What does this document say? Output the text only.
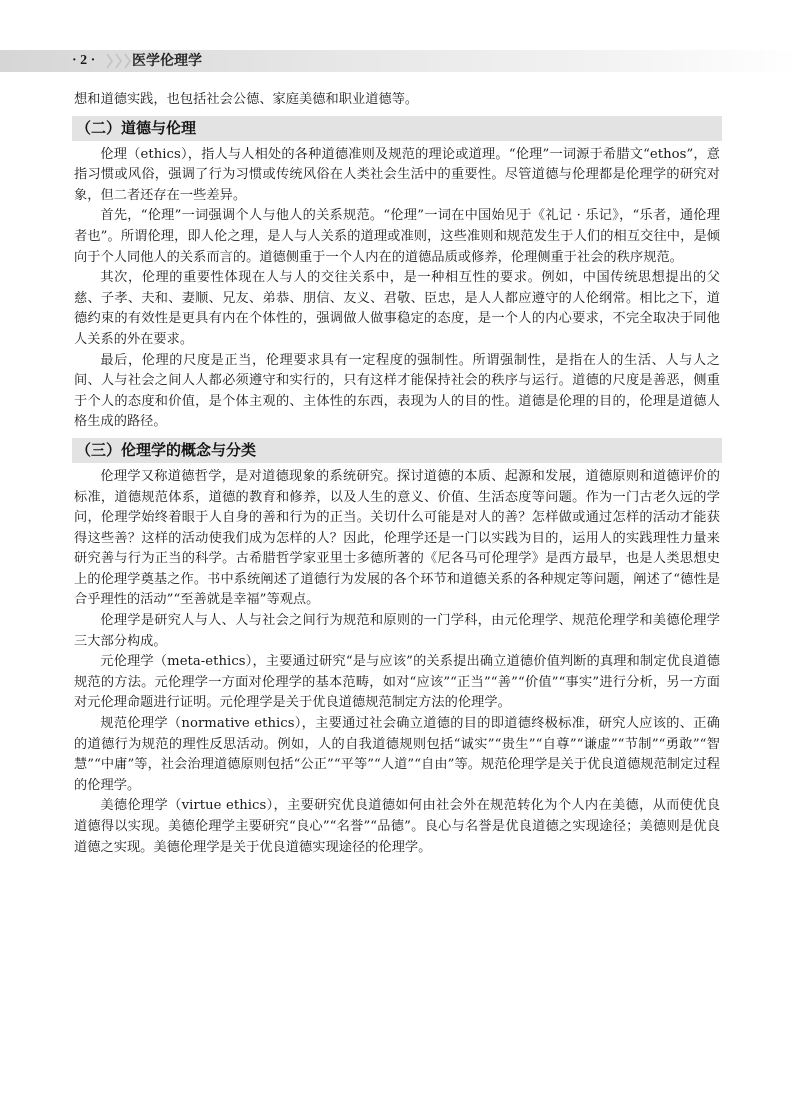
· 2 ·	医学伦理学

想和道德实践，也包括社会公德、家庭美德和职业道德等。

（二）道德与伦理

伦理（ethics），指人与人相处的各种道德准则及规范的理论或道理。“伦理”一词源于希腊文“ethos”，意指习惯或风俗，强调了行为习惯或传统风俗在人类社会生活中的重要性。尽管道德与伦理都是伦理学的研究对象，但二者还存在一些差异。

首先，“伦理”一词强调个人与他人的关系规范。“伦理”一词在中国始见于《礼记 · 乐记》，“乐者，通伦理者也”。所谓伦理，即人伦之理，是人与人关系的道理或准则，这些准则和规范发生于人们的相互交往中，是倾向于个人同他人的关系而言的。道德侧重于一个人内在的道德品质或修养，伦理侧重于社会的秩序规范。

其次，伦理的重要性体现在人与人的交往关系中，是一种相互性的要求。例如，中国传统思想提出的父慈、子孝、夫和、妻顺、兄友、弟恭、朋信、友义、君敬、臣忠，是人人都应遵守的人伦纲常。相比之下，道德约束的有效性是更具有内在个体性的，强调做人做事稳定的态度，是一个人的内心要求，不完全取决于同他人关系的外在要求。

最后，伦理的尺度是正当，伦理要求具有一定程度的强制性。所谓强制性，是指在人的生活、人与人之间、人与社会之间人人都必须遵守和实行的，只有这样才能保持社会的秩序与运行。道德的尺度是善恶，侧重于个人的态度和价值，是个体主观的、主体性的东西，表现为人的目的性。道德是伦理的目的，伦理是道德人格生成的路径。

（三）伦理学的概念与分类

伦理学又称道德哲学，是对道德现象的系统研究。探讨道德的本质、起源和发展，道德原则和道德评价的标准，道德规范体系，道德的教育和修养，以及人生的意义、价值、生活态度等问题。作为一门古老久远的学问，伦理学始终着眼于人自身的善和行为的正当。关切什么可能是对人的善？怎样做或通过怎样的活动才能获得这些善？这样的活动使我们成为怎样的人？因此，伦理学还是一门以实践为目的，运用人的实践理性力量来研究善与行为正当的科学。古希腊哲学家亚里士多德所著的《尼各马可伦理学》是西方最早，也是人类思想史上的伦理学奠基之作。书中系统阐述了道德行为发展的各个环节和道德关系的各种规定等问题，阐述了“德性是合乎理性的活动”“至善就是幸福”等观点。

伦理学是研究人与人、人与社会之间行为规范和原则的一门学科，由元伦理学、规范伦理学和美德伦理学三大部分构成。

元伦理学（meta-ethics），主要通过研究“是与应该”的关系提出确立道德价值判断的真理和制定优良道德规范的方法。元伦理学一方面对伦理学的基本范畴，如对“应该”“正当”“善”“价值”“事实”进行分析，另一方面对元伦理命题进行证明。元伦理学是关于优良道德规范制定方法的伦理学。

规范伦理学（normative ethics），主要通过社会确立道德的目的即道德终极标准，研究人应该的、正确的道德行为规范的理性反思活动。例如，人的自我道德规则包括“诚实”“贵生”“自尊”“谦虚”“节制”“勇敢”“智慧”“中庸”等，社会治理道德原则包括“公正”“平等”“人道”“自由”等。规范伦理学是关于优良道德规范制定过程的伦理学。

美德伦理学（virtue ethics），主要研究优良道德如何由社会外在规范转化为个人内在美德，从而使优良道德得以实现。美德伦理学主要研究“良心”“名誉”“品德”。良心与名誉是优良道德之实现途径；美德则是优良道德之实现。美德伦理学是关于优良道德实现途径的伦理学。
